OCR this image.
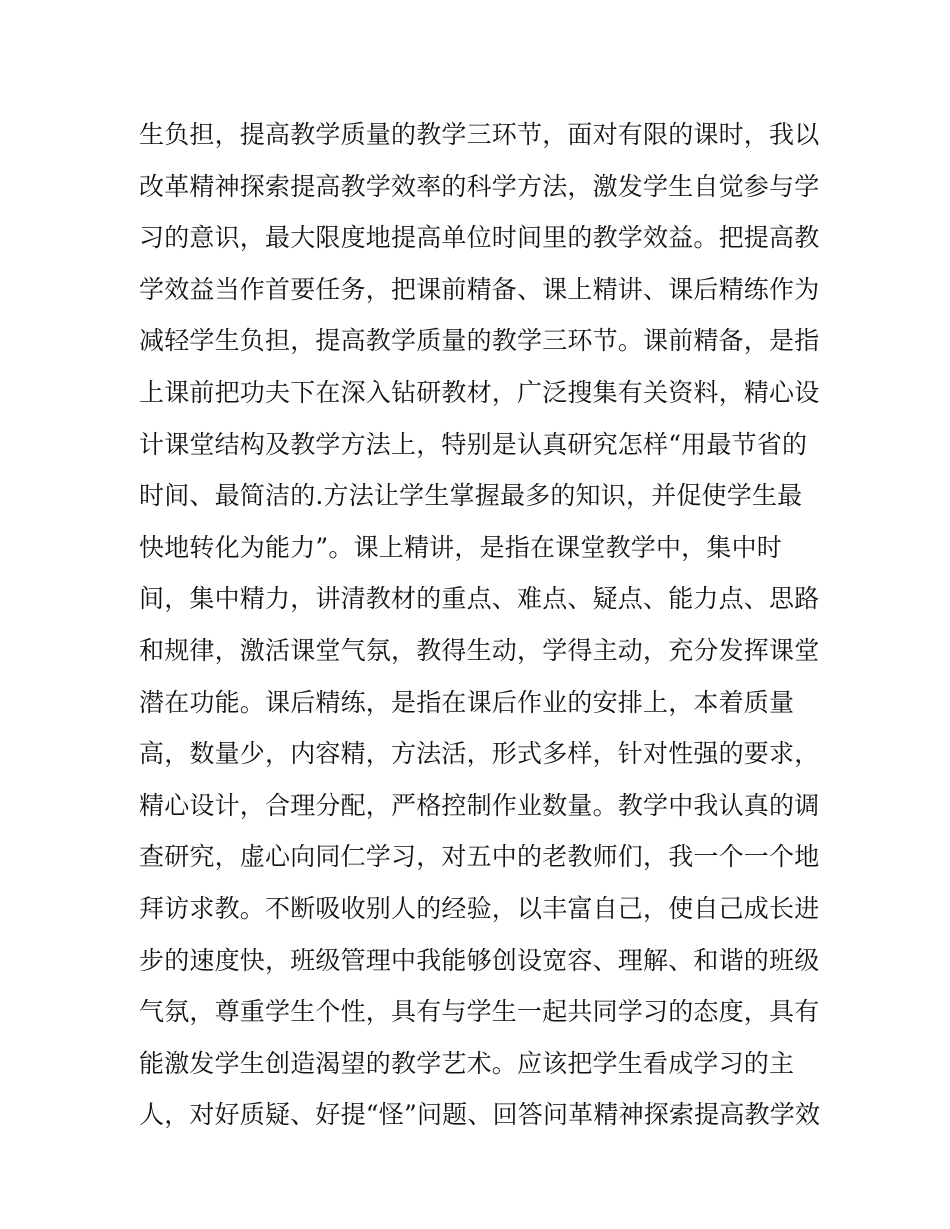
生负担，提高教学质量的教学三环节，面对有限的课时，我以
改革精神探索提高教学效率的科学方法，激发学生自觉参与学
习的意识，最大限度地提高单位时间里的教学效益。把提高教
学效益当作首要任务，把课前精备、课上精讲、课后精练作为
减轻学生负担，提高教学质量的教学三环节。课前精备，是指
上课前把功夫下在深入钻研教材，广泛搜集有关资料，精心设
计课堂结构及教学方法上，特别是认真研究怎样“用最节省的
时间、最简洁的.方法让学生掌握最多的知识，并促使学生最
快地转化为能力”。课上精讲，是指在课堂教学中，集中时
间，集中精力，讲清教材的重点、难点、疑点、能力点、思路
和规律，激活课堂气氛，教得生动，学得主动，充分发挥课堂
潜在功能。课后精练，是指在课后作业的安排上，本着质量
高，数量少，内容精，方法活，形式多样，针对性强的要求，
精心设计，合理分配，严格控制作业数量。教学中我认真的调
查研究，虚心向同仁学习，对五中的老教师们，我一个一个地
拜访求教。不断吸收别人的经验，以丰富自己，使自己成长进
步的速度快，班级管理中我能够创设宽容、理解、和谐的班级
气氛，尊重学生个性，具有与学生一起共同学习的态度，具有
能激发学生创造渴望的教学艺术。应该把学生看成学习的主
人，对好质疑、好提“怪”问题、回答问革精神探索提高教学效
